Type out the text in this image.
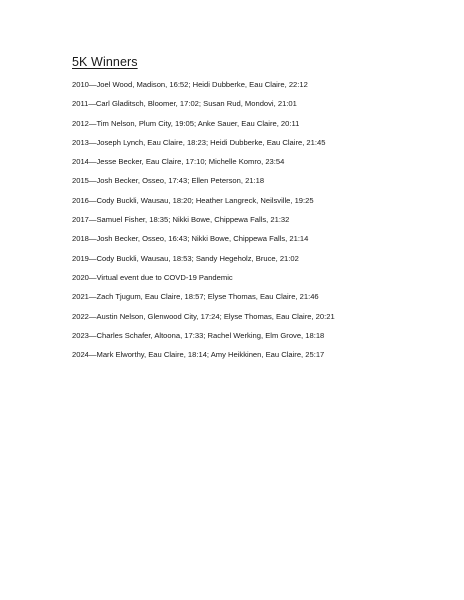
5K Winners
2010—Joel Wood, Madison, 16:52; Heidi Dubberke, Eau Claire, 22:12
2011—Carl Gladitsch, Bloomer, 17:02; Susan Rud, Mondovi, 21:01
2012—Tim Nelson, Plum City, 19:05; Anke Sauer, Eau Claire, 20:11
2013—Joseph Lynch, Eau Claire, 18:23; Heidi Dubberke, Eau Claire, 21:45
2014—Jesse Becker, Eau Claire, 17:10; Michelle Komro, 23:54
2015—Josh Becker, Osseo, 17:43; Ellen Peterson, 21:18
2016—Cody Buckli, Wausau, 18:20; Heather Langreck, Neilsville, 19:25
2017—Samuel Fisher, 18:35; Nikki Bowe, Chippewa Falls, 21:32
2018—Josh Becker, Osseo, 16:43; Nikki Bowe, Chippewa Falls, 21:14
2019—Cody Buckli, Wausau, 18:53; Sandy Hegeholz, Bruce, 21:02
2020—Virtual event due to COVD-19 Pandemic
2021—Zach Tjugum, Eau Claire, 18:57; Elyse Thomas, Eau Claire, 21:46
2022—Austin Nelson, Glenwood City, 17:24; Elyse Thomas, Eau Claire, 20:21
2023—Charles Schafer, Altoona, 17:33; Rachel Werking, Elm Grove, 18:18
2024—Mark Elworthy, Eau Claire, 18:14; Amy Heikkinen, Eau Claire, 25:17
